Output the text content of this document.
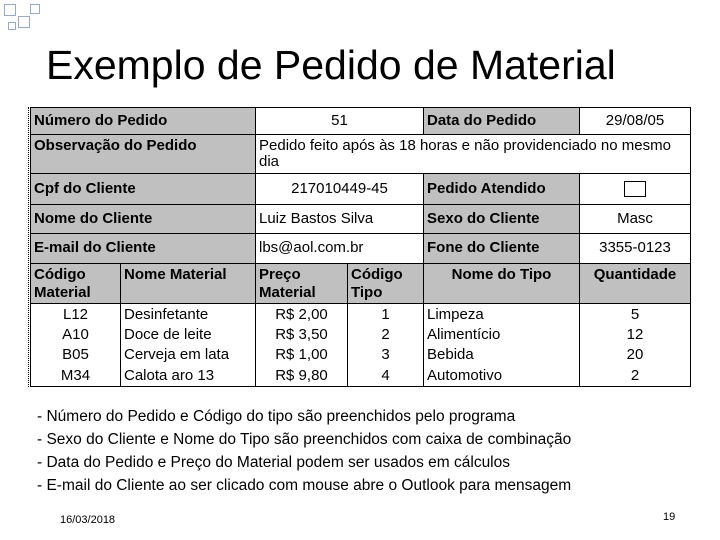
Exemplo de Pedido de Material
Número do Pedido		51		Data do Pedido	29/08/05
Observação do Pedido		Pedido feito após às 18 horas e não providenciado no mesmo dia			
Cpf do Cliente		217010449-45		Pedido Atendido	
Nome do Cliente		Luiz Bastos Silva		Sexo do Cliente	Masc
E-mail do Cliente		lbs@aol.com.br		Fone do Cliente	3355-0123
Código Material	Nome Material	Preço Material	Código Tipo	Nome do Tipo	Quantidade
L12	Desinfetante	R$ 2,00	1	Limpeza	5
A10	Doce de leite	R$ 3,50	2	Alimentício	12
B05	Cerveja em lata	R$ 1,00	3	Bebida	20
M34	Calota aro 13	R$ 9,80	4	Automotivo	2
- Número do Pedido e Código do tipo são preenchidos pelo programa
- Sexo do Cliente e Nome do Tipo são preenchidos com caixa de combinação
- Data do Pedido e Preço do Material podem ser usados em cálculos
- E-mail do Cliente ao ser clicado com mouse abre o Outlook para mensagem
16/03/2018	19
